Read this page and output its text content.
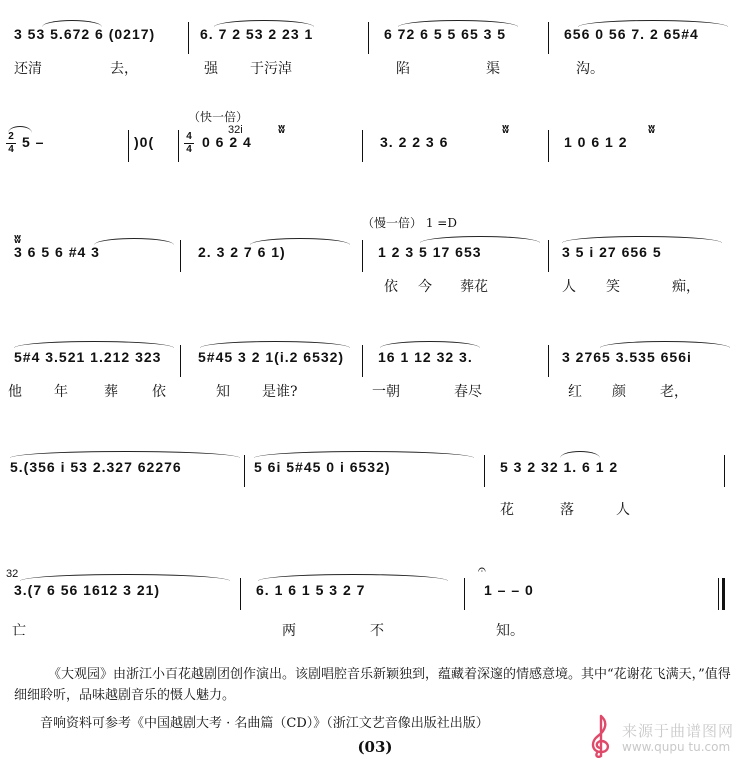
3 53 5.672 6 (0217)	6. 7 2 53 2 23 1	6 72 6 5 5 65 3 5	656 0 56 7. 2 65#4
还清	去，	强 于污淖	陷	渠	沟。
（快一倍）
2
4 5 –	)0(	4
4
32i
0 6 2 4	3. 2 2 3 6	1 0 6 1 2
ʬ	ʬ	ʬ
（慢一倍） 1 =D
ʬ
3 6 5 6 #4 3	2. 3 2 7 6 1)	1 2 3 5 17 653	3 5 i 27 656 5
依 今 葬花	人 笑	痴，
5#4 3.521 1.212 323	5#45 3 2 1(i.2 6532) 16 1 12 32 3.	3 2765 3.535 656i
他 年	葬 依	知 是谁?	一朝	春尽	红 颜 老，
5.(356 i 53 2.327 62276	5 6i 5#45 0 i 6532)	5 3 2 32 1. 6 1 2
花	落	人
32
3.(7 6 56 1612 3 21)	6. 1 6 1 5 3 2 7
𝄐
1 – – 0
亡	两	不	知。
《大观园》由浙江小百花越剧团创作演出。该剧唱腔音乐新颖独到，蕴藏着深邃的情感意境。其中“花谢花飞满天，”值得细细聆听，品味越剧音乐的慑人魅力。
音响资料可参考《中国越剧大考 · 名曲篇（CD）》（浙江文艺音像出版社出版）
(03)
来源于曲谱图网
www.qupu tu.com
